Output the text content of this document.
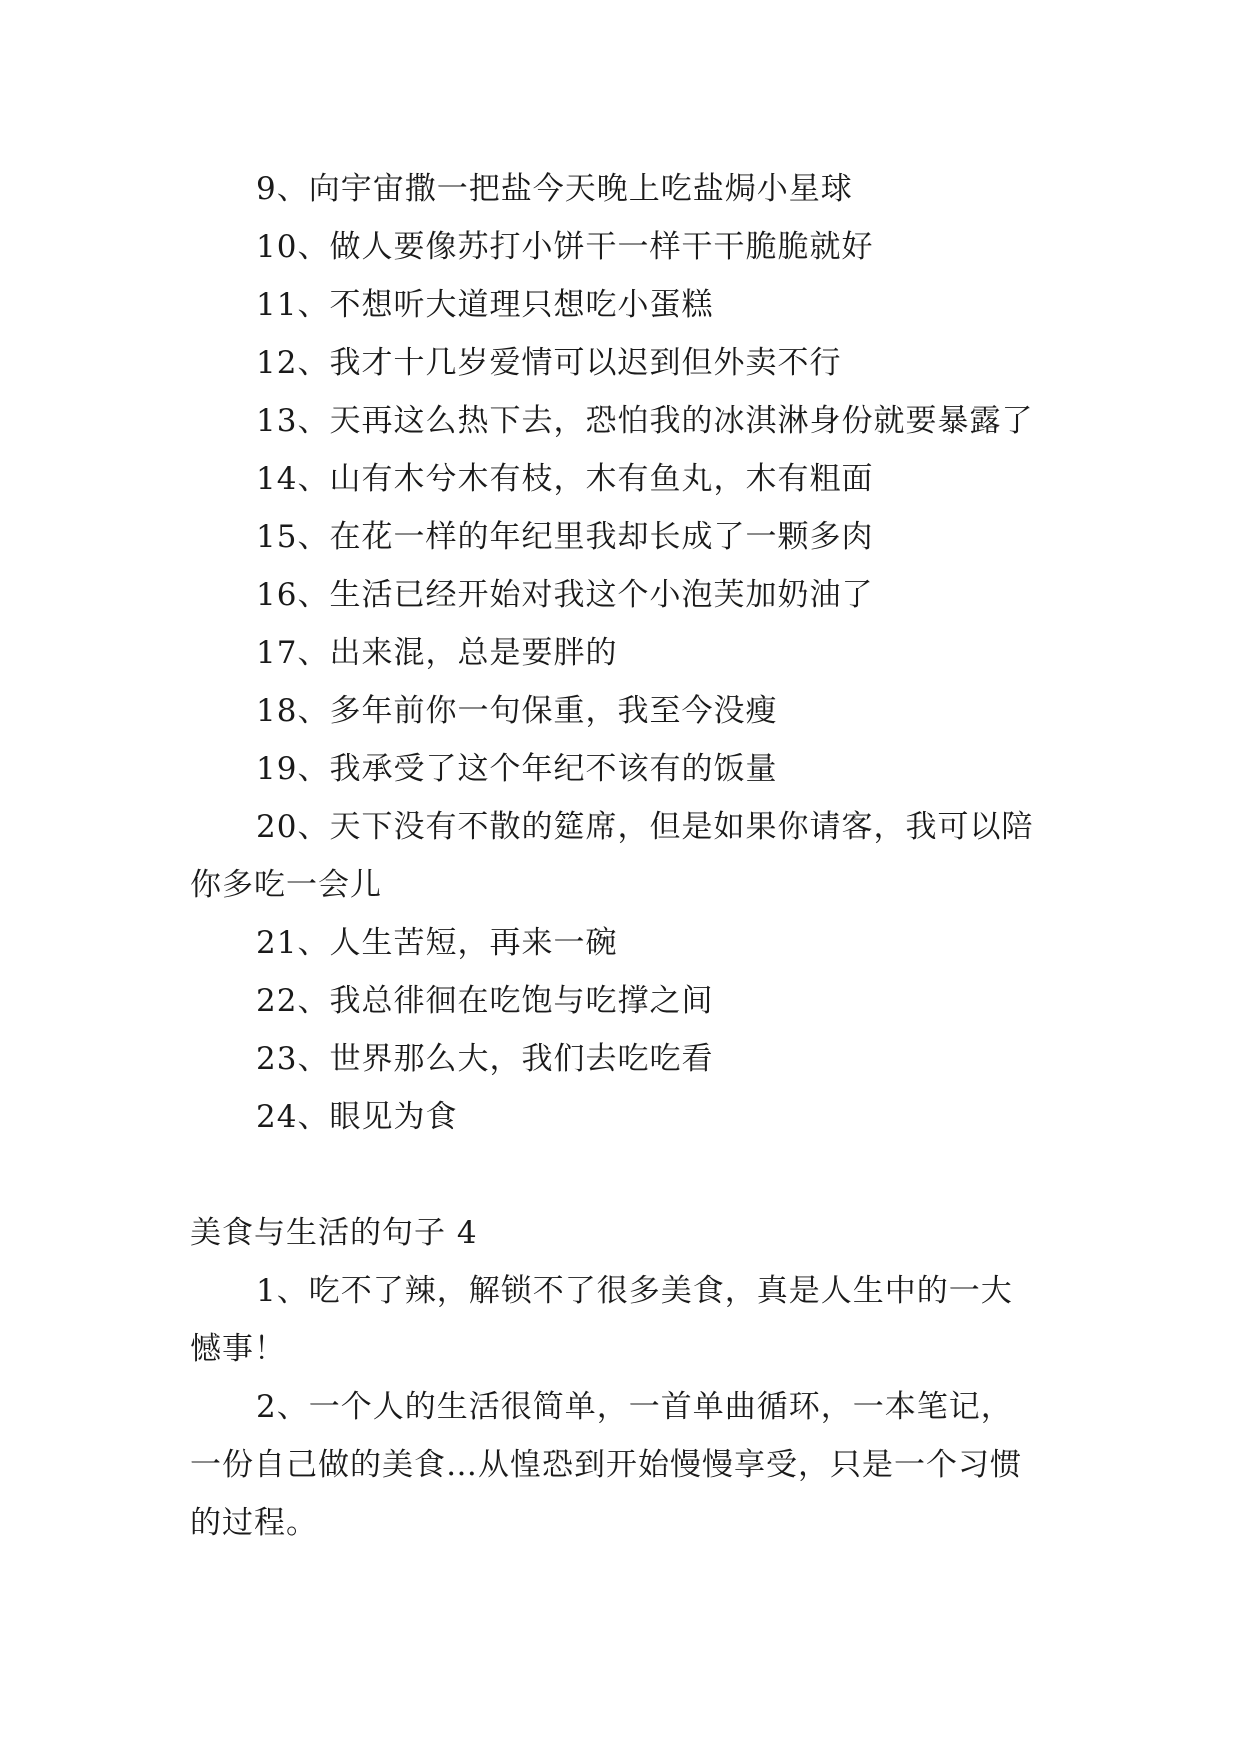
9、向宇宙撒一把盐今天晚上吃盐焗小星球
10、做人要像苏打小饼干一样干干脆脆就好
11、不想听大道理只想吃小蛋糕
12、我才十几岁爱情可以迟到但外卖不行
13、天再这么热下去，恐怕我的冰淇淋身份就要暴露了
14、山有木兮木有枝，木有鱼丸，木有粗面
15、在花一样的年纪里我却长成了一颗多肉
16、生活已经开始对我这个小泡芙加奶油了
17、出来混，总是要胖的
18、多年前你一句保重，我至今没瘦
19、我承受了这个年纪不该有的饭量
20、天下没有不散的筵席，但是如果你请客，我可以陪
你多吃一会儿
21、人生苦短，再来一碗
22、我总徘徊在吃饱与吃撑之间
23、世界那么大，我们去吃吃看
24、眼见为食
美食与生活的句子 4
1、吃不了辣，解锁不了很多美食，真是人生中的一大
憾事！
2、一个人的生活很简单，一首单曲循环，一本笔记，
一份自己做的美食…从惶恐到开始慢慢享受，只是一个习惯
的过程。
